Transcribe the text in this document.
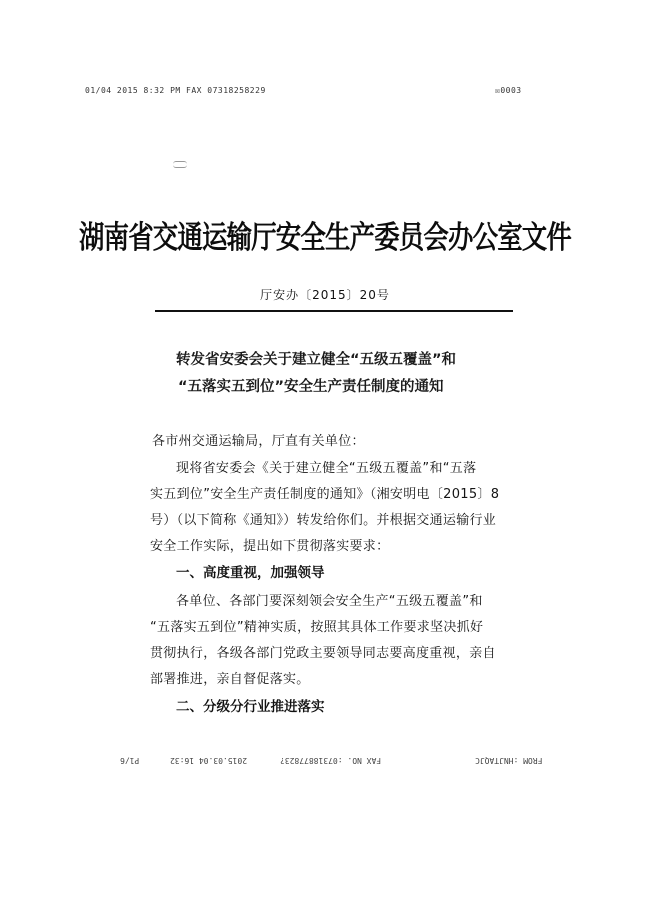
01/04 2015 8:32 PM FAX 07318258229	☒0003
湖南省交通运输厅安全生产委员会办公室文件
厅安办〔2015〕20号
转发省安委会关于建立健全“五级五覆盖”和
“五落实五到位”安全生产责任制度的通知
各市州交通运输局，厅直有关单位：
现将省安委会《关于建立健全“五级五覆盖”和“五落
实五到位”安全生产责任制度的通知》（湘安明电〔2015〕8
号）（以下简称《通知》）转发给你们。并根据交通运输行业
安全工作实际，提出如下贯彻落实要求：
一、高度重视，加强领导
各单位、各部门要深刻领会安全生产“五级五覆盖”和
“五落实五到位”精神实质，按照其具体工作要求坚决抓好
贯彻执行，各级各部门党政主要领导同志要高度重视，亲自
部署推进，亲自督促落实。
二、分级分行业推进落实
FROM :HNJTAQJC
FAX NO. :07318877823?
2015.03.04 16:32
P1/6
